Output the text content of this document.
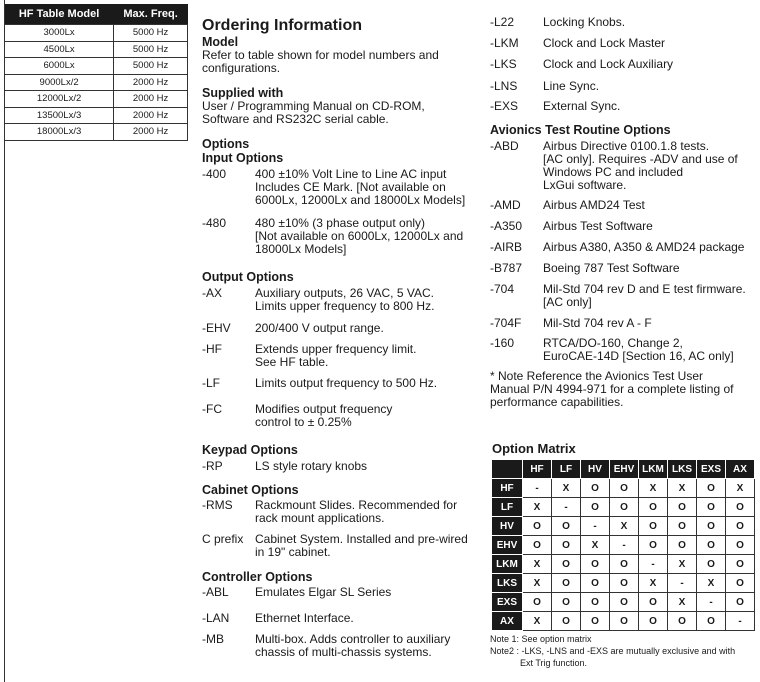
HF Table Model	Max. Freq.
3000Lx	5000 Hz
4500Lx	5000 Hz
6000Lx	5000 Hz
9000Lx/2	2000 Hz
12000Lx/2	2000 Hz
13500Lx/3	2000 Hz
18000Lx/3	2000 Hz

Ordering Information

Model

Refer to table shown for model numbers and

configurations.

Supplied with

User / Programming Manual on CD-ROM,

Software and RS232C serial cable.

Options

Input Options

-400 400 ±10% Volt Line to Line AC input
Includes CE Mark. [Not available on
6000Lx, 12000Lx and 18000Lx Models]
-480 480 ±10% (3 phase output only)
[Not available on 6000Lx, 12000Lx and
18000Lx Models]

Output Options

-AX	Auxiliary outputs, 26 VAC, 5 VAC.
Limits upper frequency to 800 Hz.
-EHV 200/400 V output range.
-HF	Extends upper frequency limit.
See HF table.
-LF	Limits output frequency to 500 Hz.
-FC	Modifies output frequency
control to ± 0.25%

Keypad Options

-RP	LS style rotary knobs

Cabinet Options

-RMS Rackmount Slides. Recommended for
rack mount applications.
C prefix Cabinet System. Installed and pre-wired
in 19" cabinet.

Controller Options

-ABL Emulates Elgar SL Series
-LAN Ethernet Interface.
-MB	Multi-box. Adds controller to auxiliary
chassis of multi-chassis systems.
-L22 Locking Knobs.
-LKM Clock and Lock Master
-LKS Clock and Lock Auxiliary
-LNS Line Sync.
-EXS External Sync.

Avionics Test Routine Options

-ABD Airbus Directive 0100.1.8 tests.
[AC only]. Requires -ADV and use of
Windows PC and included
LxGui software.
-AMD Airbus AMD24 Test
-A350 Airbus Test Software
-AIRB Airbus A380, A350 & AMD24 package
-B787 Boeing 787 Test Software
-704 Mil-Std 704 rev D and E test firmware.
[AC only]
-704F Mil-Std 704 rev A - F
-160 RTCA/DO-160, Change 2,
EuroCAE-14D [Section 16, AC only]

* Note Reference the Avionics Test User

Manual P/N 4994-971 for a complete listing of

performance capabilities.

Option Matrix
	HF	LF	HV	EHV	LKM	LKS	EXS	AX
HF	-	X	O	O	X	X	O	X
LF	X	-	O	O	O	O	O	O
HV	O	O	-	X	O	O	O	O
EHV	O	O	X	-	O	O	O	O
LKM	X	O	O	O	-	X	O	O
LKS	X	O	O	O	X	-	X	O
EXS	O	O	O	O	O	X	-	O
AX	X	O	O	O	O	O	O	-
Note 1: See option matrix
Note2 : -LKS, -LNS and -EXS are mutually exclusive and with
Ext Trig function.
